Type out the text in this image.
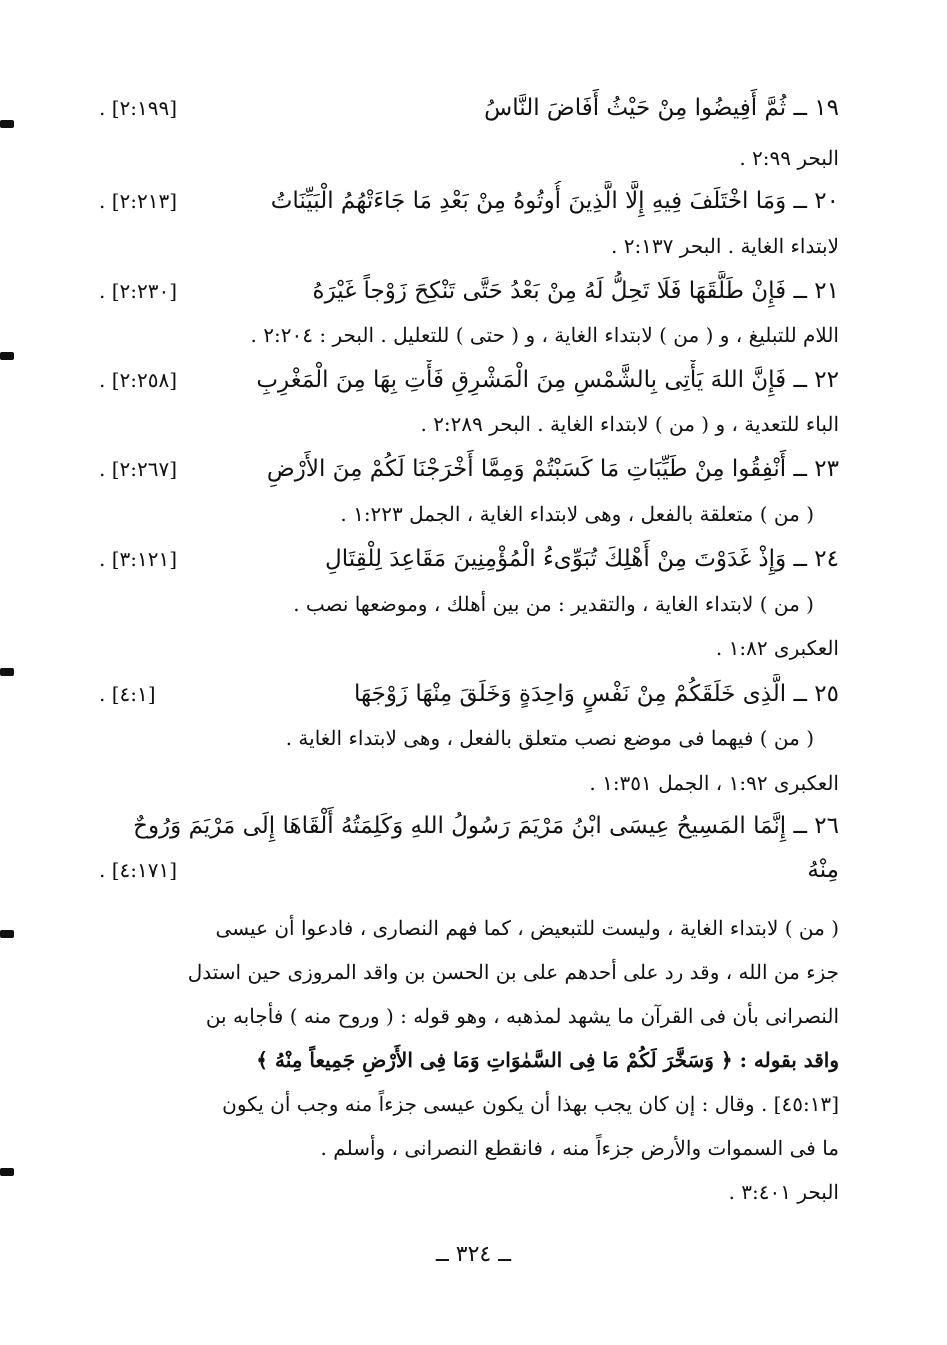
١٩ ــ ثُمَّ أَفِيضُوا مِنْ حَيْثُ أَفَاضَ النَّاسُ
[٢:١٩٩] .
البحر ٢:٩٩ .
٢٠ ــ وَمَا اخْتَلَفَ فِيهِ إِلَّا الَّذِينَ أُوتُوهُ مِنْ بَعْدِ مَا جَاءَتْهُمُ الْبَيِّنَاتُ
[٢:٢١٣] .
لابتداء الغاية . البحر ٢:١٣٧ .
٢١ ــ فَإِنْ طَلَّقَهَا فَلَا تَحِلُّ لَهُ مِنْ بَعْدُ حَتَّى تَنْكِحَ زَوْجاً غَيْرَهُ
[٢:٢٣٠] .
اللام للتبليغ ، و ( من ) لابتداء الغاية ، و ( حتى ) للتعليل . البحر : ٢:٢٠٤ .
٢٢ ــ فَإِنَّ اللهَ يَأْتِى بِالشَّمْسِ مِنَ الْمَشْرِقِ فَأْتِ بِهَا مِنَ الْمَغْرِبِ
[٢:٢٥٨] .
الباء للتعدية ، و ( من ) لابتداء الغاية . البحر ٢:٢٨٩ .
٢٣ ــ أَنْفِقُوا مِنْ طَيِّبَاتِ مَا كَسَبْتُمْ وَمِمَّا أَخْرَجْنَا لَكُمْ مِنَ الأَرْضِ
[٢:٢٦٧] .
( من ) متعلقة بالفعل ، وهى لابتداء الغاية ، الجمل ١:٢٢٣ .
٢٤ ــ وَإِذْ غَدَوْتَ مِنْ أَهْلِكَ تُبَوِّىءُ الْمُؤْمِنِينَ مَقَاعِدَ لِلْقِتَالِ
[٣:١٢١] .
( من ) لابتداء الغاية ، والتقدير : من بين أهلك ، وموضعها نصب .
العكبرى ١:٨٢ .
٢٥ ــ الَّذِى خَلَقَكُمْ مِنْ نَفْسٍ وَاحِدَةٍ وَخَلَقَ مِنْهَا زَوْجَهَا
[٤:١] .
( من ) فيهما فى موضع نصب متعلق بالفعل ، وهى لابتداء الغاية .
العكبرى ١:٩٢ ، الجمل ١:٣٥١ .
٢٦ ــ إِنَّمَا المَسِيحُ عِيسَى ابْنُ مَرْيَمَ رَسُولُ اللهِ وَكَلِمَتُهُ أَلْقَاهَا إِلَى مَرْيَمَ وَرُوحٌ
مِنْهُ
[٤:١٧١] .
( من ) لابتداء الغاية ، وليست للتبعيض ، كما فهم النصارى ، فادعوا أن عيسى
جزء من الله ، وقد رد على أحدهم على بن الحسن بن واقد المروزى حين استدل
النصرانى بأن فى القرآن ما يشهد لمذهبه ، وهو قوله : ( وروح منه ) فأجابه بن
واقد بقوله : ﴿ وَسَخَّرَ لَكُمْ مَا فِى السَّمٰوَاتِ وَمَا فِى الأَرْضِ جَمِيعاً مِنْهُ ﴾
[٤٥:١٣] . وقال : إن كان يجب بهذا أن يكون عيسى جزءاً منه وجب أن يكون
ما فى السموات والأرض جزءاً منه ، فانقطع النصرانى ، وأسلم .
البحر ٣:٤٠١ .
ــ ٣٢٤ ــ
